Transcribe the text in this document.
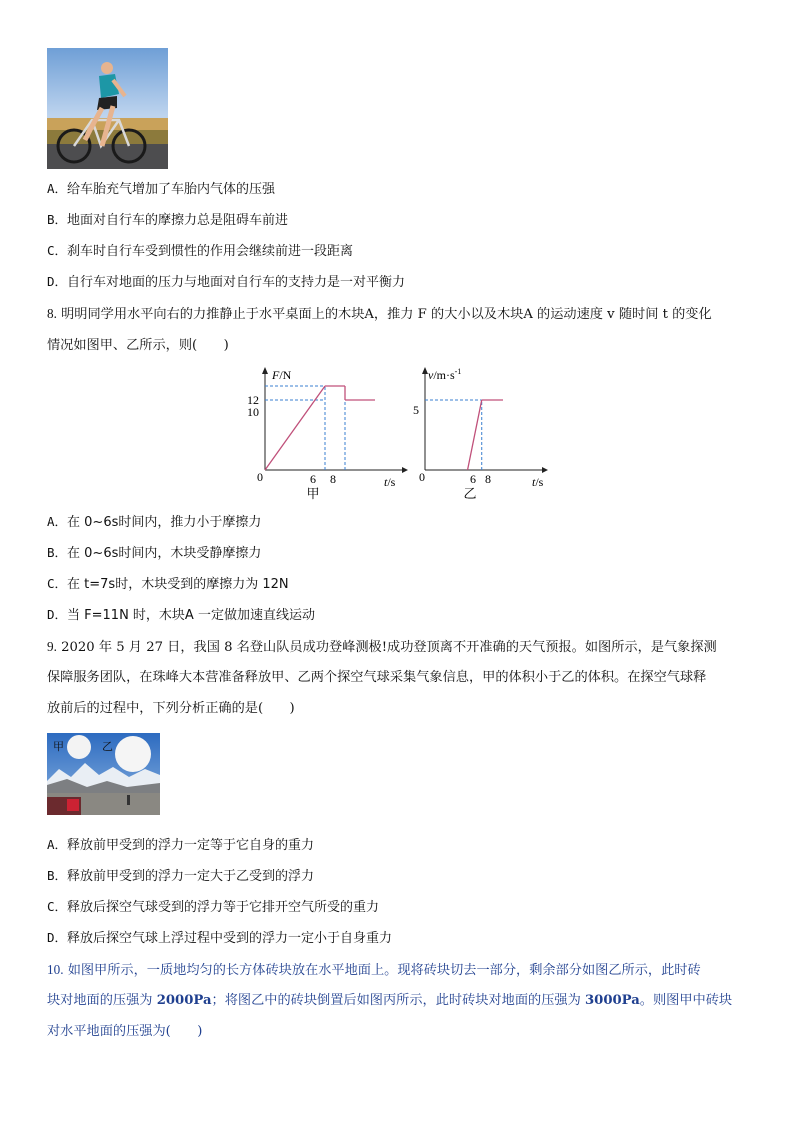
A．给车胎充气增加了车胎内气体的压强
B．地面对自行车的摩擦力总是阻碍车前进
C．刹车时自行车受到惯性的作用会继续前进一段距离
D．自行车对地面的压力与地面对自行车的支持力是一对平衡力
8. 明明同学用水平向右的力推静止于水平桌面上的木块A，推力 F 的大小以及木块A 的运动速度 v 随时间 t 的变化
情况如图甲、乙所示，则(　　)
F/N
12
10
0	6 8	t/s
甲
$v/m\cdot s^{-1}$
5
0	6 8	t/s
乙
A．在 0~6s时间内，推力小于摩擦力
B．在 0~6s时间内，木块受静摩擦力
C．在 t=7s时，木块受到的摩擦力为 12N
D．当 F=11N 时，木块A 一定做加速直线运动
9. 2020 年 5 月 27 日，我国 8 名登山队员成功登峰测极!成功登顶离不开准确的天气预报。如图所示，是气象探测
保障服务团队，在珠峰大本营准备释放甲、乙两个探空气球采集气象信息，甲的体积小于乙的体积。在探空气球释
放前后的过程中，下列分析正确的是(　　)
甲	乙
A．释放前甲受到的浮力一定等于它自身的重力
B．释放前甲受到的浮力一定大于乙受到的浮力
C．释放后探空气球受到的浮力等于它排开空气所受的重力
D．释放后探空气球上浮过程中受到的浮力一定小于自身重力
10. 如图甲所示，一质地均匀的长方体砖块放在水平地面上。现将砖块切去一部分，剩余部分如图乙所示，此时砖
块对地面的压强为 2000Pa；将图乙中的砖块倒置后如图丙所示，此时砖块对地面的压强为 3000Pa。则图甲中砖块
对水平地面的压强为(　　)
